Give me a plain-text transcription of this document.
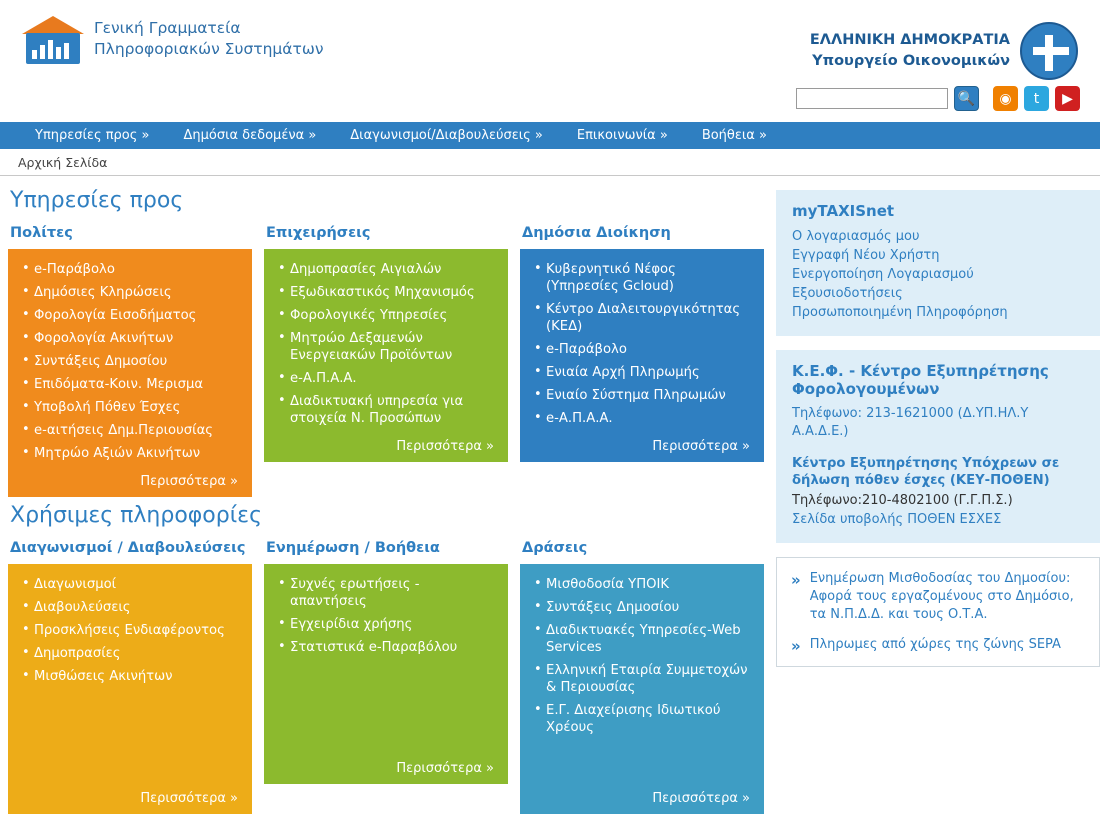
Γενική Γραμματεία
Πληροφοριακών Συστημάτων	ΕΛΛΗΝΙΚΗ ΔΗΜΟΚΡΑΤΙΑ
Υπουργείο Οικονομικών
🔍 ◉ t ▶
Υπηρεσίες προς »	Δημόσια δεδομένα »	Διαγωνισμοί/Διαβουλεύσεις »	Επικοινωνία »	Βοήθεια »
Αρχική Σελίδα
Υπηρεσίες προς
Πολίτες
• e-Παράβολο
• Δημόσιες Κληρώσεις
• Φορολογία Εισοδήματος
• Φορολογία Ακινήτων
• Συντάξεις Δημοσίου
• Επιδόματα-Κοιν. Μερισμα
• Υποβολή Πόθεν Έσχες
• e-αιτήσεις Δημ.Περιουσίας
• Μητρώο Αξιών Ακινήτων
Περισσότερα »
Επιχειρήσεις
• Δημοπρασίες Αιγιαλών
• Εξωδικαστικός Μηχανισμός
• Φορολογικές Υπηρεσίες
• Μητρώο Δεξαμενών Ενεργειακών Προϊόντων
• e-Α.Π.Α.Α.
• Διαδικτυακή υπηρεσία για στοιχεία Ν. Προσώπων
Περισσότερα »
Δημόσια Διοίκηση
• Κυβερνητικό Νέφος (Υπηρεσίες Gcloud)
• Κέντρο Διαλειτουργικότητας (ΚΕΔ)
• e-Παράβολο
• Ενιαία Αρχή Πληρωμής
• Ενιαίο Σύστημα Πληρωμών
• e-Α.Π.Α.Α.
Περισσότερα »
Χρήσιμες πληροφορίες
Διαγωνισμοί / Διαβουλεύσεις
• Διαγωνισμοί
• Διαβουλεύσεις
• Προσκλήσεις Ενδιαφέροντος
• Δημοπρασίες
• Μισθώσεις Ακινήτων
Περισσότερα »
Ενημέρωση / Βοήθεια
• Συχνές ερωτήσεις - απαντήσεις
• Εγχειρίδια χρήσης
• Στατιστικά e-Παραβόλου
Περισσότερα »
Δράσεις
• Μισθοδοσία ΥΠΟΙΚ
• Συντάξεις Δημοσίου
• Διαδικτυακές Υπηρεσίες-Web Services
• Ελληνική Εταιρία Συμμετοχών & Περιουσίας
• Ε.Γ. Διαχείρισης Ιδιωτικού Χρέους
Περισσότερα »
myTAXISnet
Ο λογαριασμός μου
Εγγραφή Νέου Χρήστη
Ενεργοποίηση Λογαριασμού
Εξουσιοδοτήσεις
Προσωποποιημένη Πληροφόρηση
Κ.Ε.Φ. - Κέντρο Εξυπηρέτησης Φορολογουμένων
Τηλέφωνο: 213-1621000 (Δ.ΥΠ.ΗΛ.Υ Α.Α.Δ.Ε.)
Κέντρο Εξυπηρέτησης Υπόχρεων σε δήλωση πόθεν έσχες (ΚΕΥ-ΠΟΘΕΝ)
Τηλέφωνο:210-4802100 (Γ.Γ.Π.Σ.)
Σελίδα υποβολής ΠΟΘΕΝ ΕΣΧΕΣ
» Ενημέρωση Μισθοδοσίας του Δημοσίου: Αφορά τους εργαζομένους στο Δημόσιο, τα Ν.Π.Δ.Δ. και τους Ο.Τ.Α.
» Πληρωμες από χώρες της ζώνης SEPA
